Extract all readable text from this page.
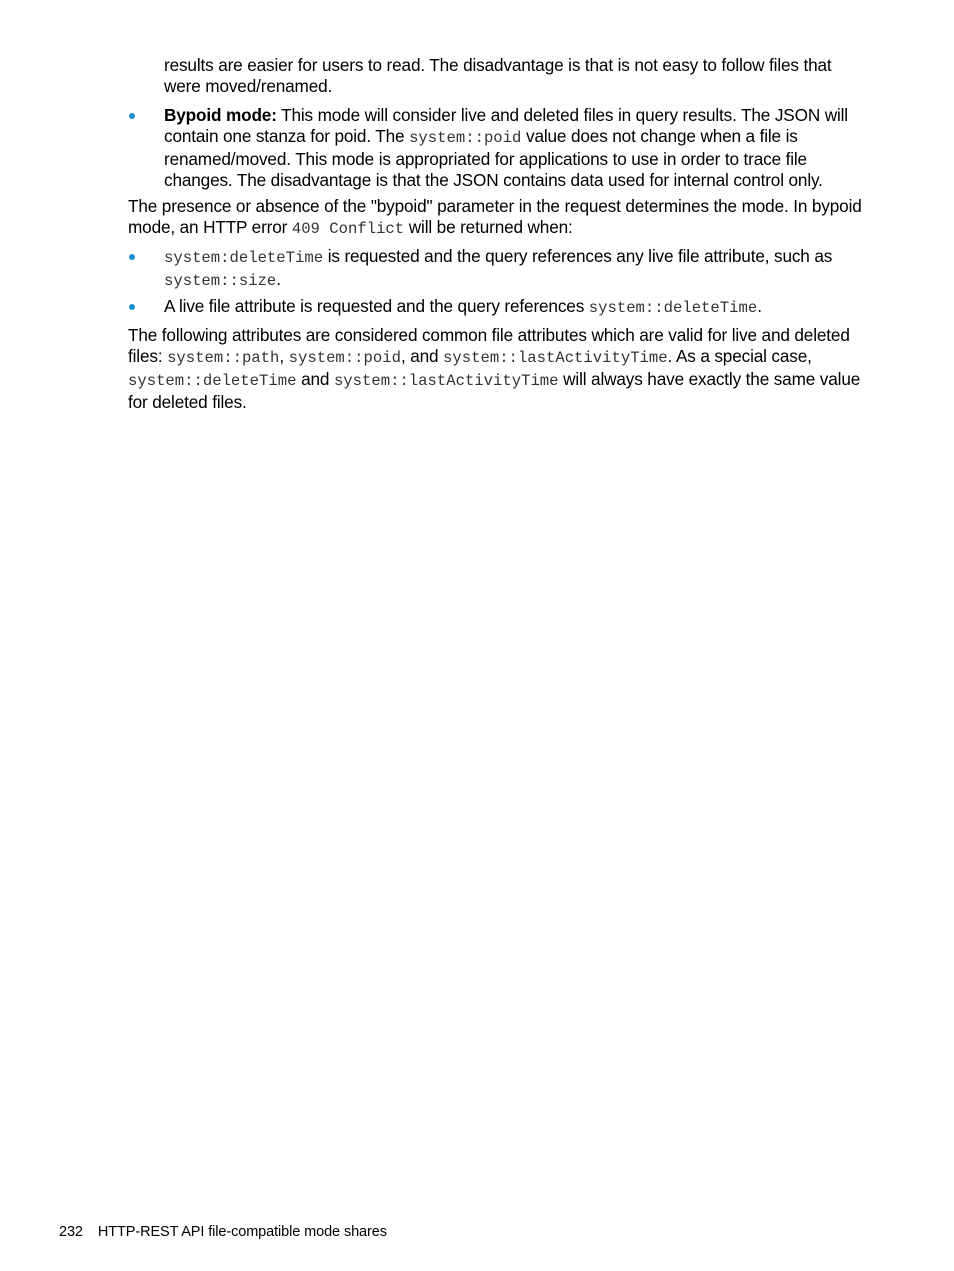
results are easier for users to read. The disadvantage is that is not easy to follow files that were moved/renamed.
Bypoid mode: This mode will consider live and deleted files in query results. The JSON will contain one stanza for poid. The system::poid value does not change when a file is renamed/moved. This mode is appropriated for applications to use in order to trace file changes. The disadvantage is that the JSON contains data used for internal control only.
The presence or absence of the "bypoid" parameter in the request determines the mode. In bypoid mode, an HTTP error 409 Conflict will be returned when:
system:deleteTime is requested and the query references any live file attribute, such as system::size.
A live file attribute is requested and the query references system::deleteTime.
The following attributes are considered common file attributes which are valid for live and deleted files: system::path, system::poid, and system::lastActivityTime. As a special case, system::deleteTime and system::lastActivityTime will always have exactly the same value for deleted files.
232 HTTP-REST API file-compatible mode shares
